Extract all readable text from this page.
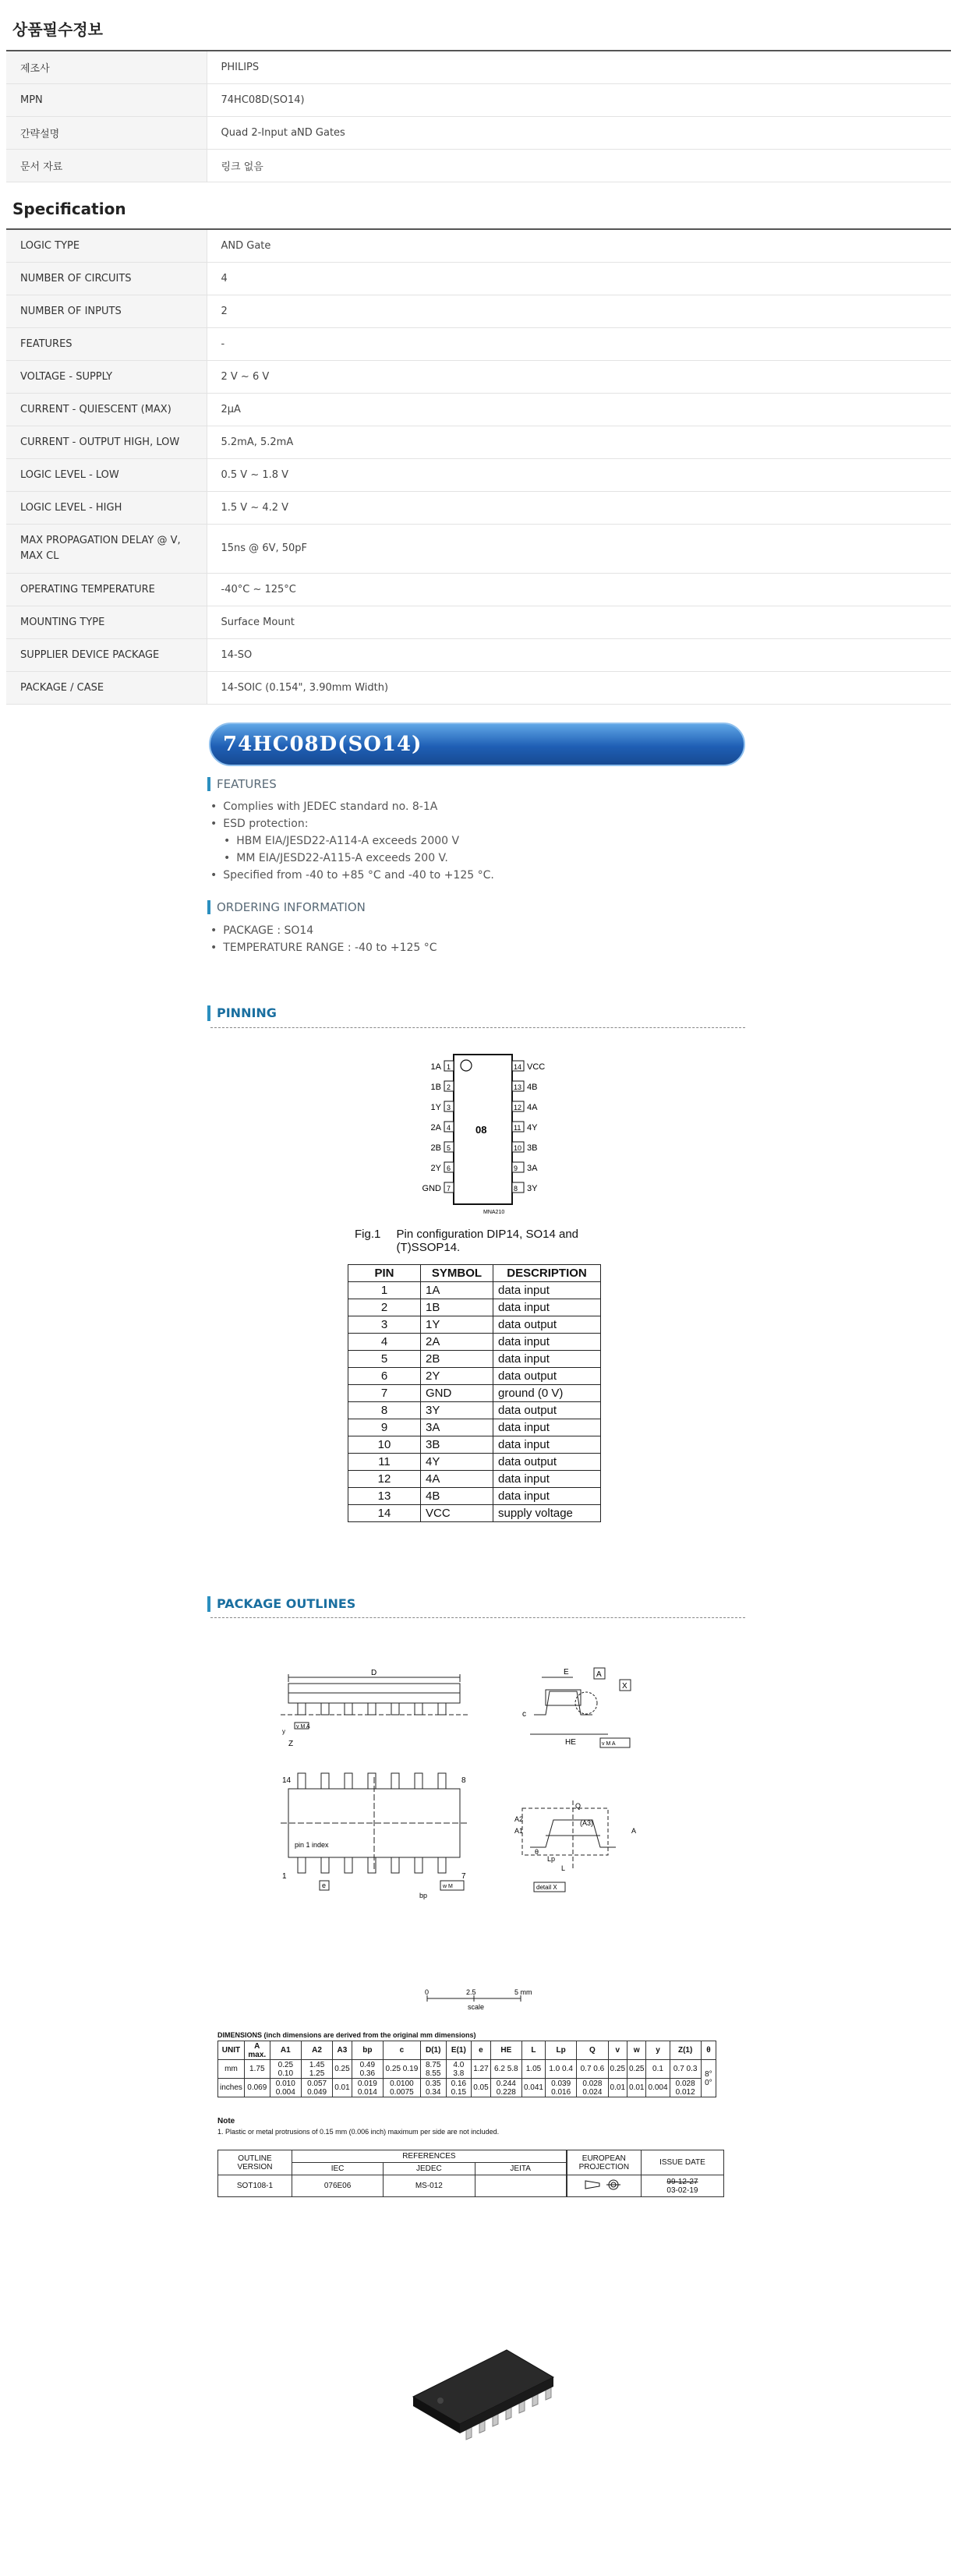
상품필수정보
제조사	PHILIPS
MPN	74HC08D(SO14)
간략설명	Quad 2-Input aND Gates
문서 자료	링크 없음
Specification
LOGIC TYPE	AND Gate
NUMBER OF CIRCUITS	4
NUMBER OF INPUTS	2
FEATURES	-
VOLTAGE - SUPPLY	2 V ~ 6 V
CURRENT - QUIESCENT (MAX)	2µA
CURRENT - OUTPUT HIGH, LOW	5.2mA, 5.2mA
LOGIC LEVEL - LOW	0.5 V ~ 1.8 V
LOGIC LEVEL - HIGH	1.5 V ~ 4.2 V
MAX PROPAGATION DELAY @ V, MAX CL	15ns @ 6V, 50pF
OPERATING TEMPERATURE	-40°C ~ 125°C
MOUNTING TYPE	Surface Mount
SUPPLIER DEVICE PACKAGE	14-SO
PACKAGE / CASE	14-SOIC (0.154", 3.90mm Width)
74HC08D(SO14)
FEATURES
• Complies with JEDEC standard no. 8-1A
• ESD protection:
• HBM EIA/JESD22-A114-A exceeds 2000 V
• MM EIA/JESD22-A115-A exceeds 200 V.
• Specified from -40 to +85 °C and -40 to +125 °C.
ORDERING INFORMATION
• PACKAGE : SO14
• TEMPERATURE RANGE : -40 to +125 °C
PINNING
08
MNA210
1
1A
2
1B
3
1Y
4
2A
5
2B
6
2Y
7
GND
14 VCC
13 4B
12 4A
11 4Y
10 3B
9 3A
8 3Y
Fig.1 Pin configuration DIP14, SO14 and (T)SSOP14.
PIN	SYMBOL	DESCRIPTION
1	1A	data input
2	1B	data input
3	1Y	data output
4	2A	data input
5	2B	data input
6	2Y	data output
7	GND	ground (0 V)
8	3Y	data output
9	3A	data input
10	3B	data input
11	4Y	data output
12	4A	data input
13	4B	data input
14	VCC	supply voltage
PACKAGE OUTLINES
D
y
v M A
Z
E	A
X
HE
c
v M A
14	8
1	7
pin 1 index
e
bp
w M
Q
A2
A1
(A3)
A
Lp
L
θ
detail X
0	2.5	5 mm
scale
DIMENSIONS (inch dimensions are derived from the original mm dimensions)
UNIT	A max.	A1	A2	A3	bp	c	D(1)	E(1)	e	HE	L	Lp	Q	v	w	y	Z(1)	θ
mm	1.75	0.25 0.10	1.45 1.25	0.25	0.49 0.36	0.25 0.19	8.75 8.55	4.0 3.8	1.27	6.2 5.8	1.05	1.0 0.4	0.7 0.6	0.25	0.25	0.1	0.7 0.3	8° 0°
inches	0.069	0.010 0.004	0.057 0.049	0.01	0.019 0.014	0.0100 0.0075	0.35 0.34	0.16 0.15	0.05	0.244 0.228	0.041	0.039 0.016	0.028 0.024	0.01	0.01	0.004	0.028 0.012	
Note
1. Plastic or metal protrusions of 0.15 mm (0.006 inch) maximum per side are not included.
OUTLINE VERSION	REFERENCES			EUROPEAN PROJECTION	ISSUE DATE
	IEC	JEDEC	JEITA		
SOT108-1	076E06	MS-012			99-12-27
03-02-19
